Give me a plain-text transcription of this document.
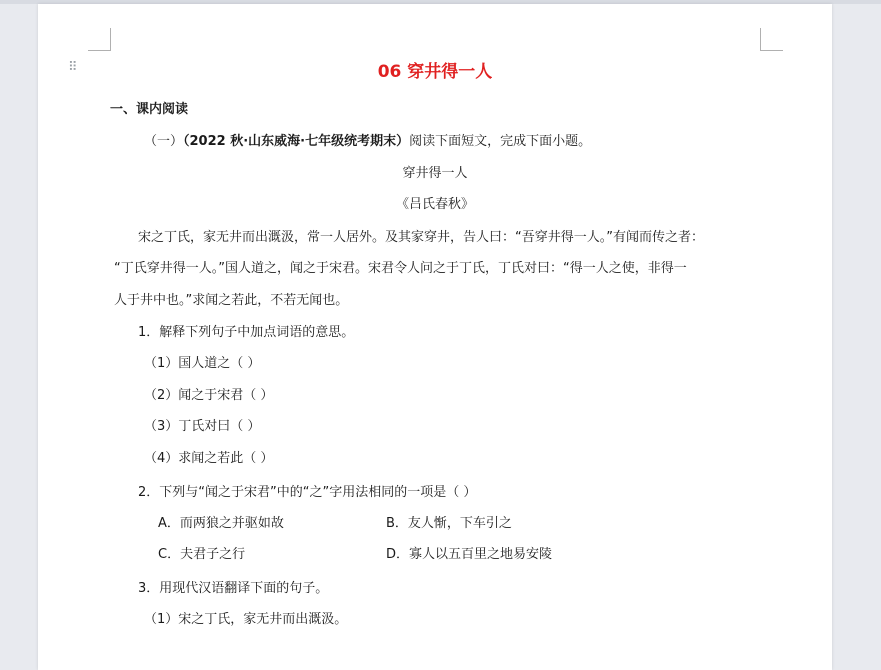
⠿	06 穿井得一人
一、课内阅读
（一）（2022 秋·山东威海·七年级统考期末）阅读下面短文，完成下面小题。
穿井得一人
《吕氏春秋》
宋之丁氏，家无井而出溉汲，常一人居外。及其家穿井，告人曰：“吾穿井得一人。”有闻而传之者：
“丁氏穿井得一人。”国人道之，闻之于宋君。宋君令人问之于丁氏，丁氏对曰：“得一人之使，非得一
人于井中也。”求闻之若此，不若无闻也。
1．解释下列句子中加点词语的意思。
（1）国人道之（ ）
（2）闻之于宋君（ ）
（3）丁氏对曰（ ）
（4）求闻之若此（ ）
2．下列与“闻之于宋君”中的“之”字用法相同的一项是（ ）
A．而两狼之并驱如故	B．友人惭，下车引之
C．夫君子之行	D．寡人以五百里之地易安陵
3．用现代汉语翻译下面的句子。
（1）宋之丁氏，家无井而出溉汲。
